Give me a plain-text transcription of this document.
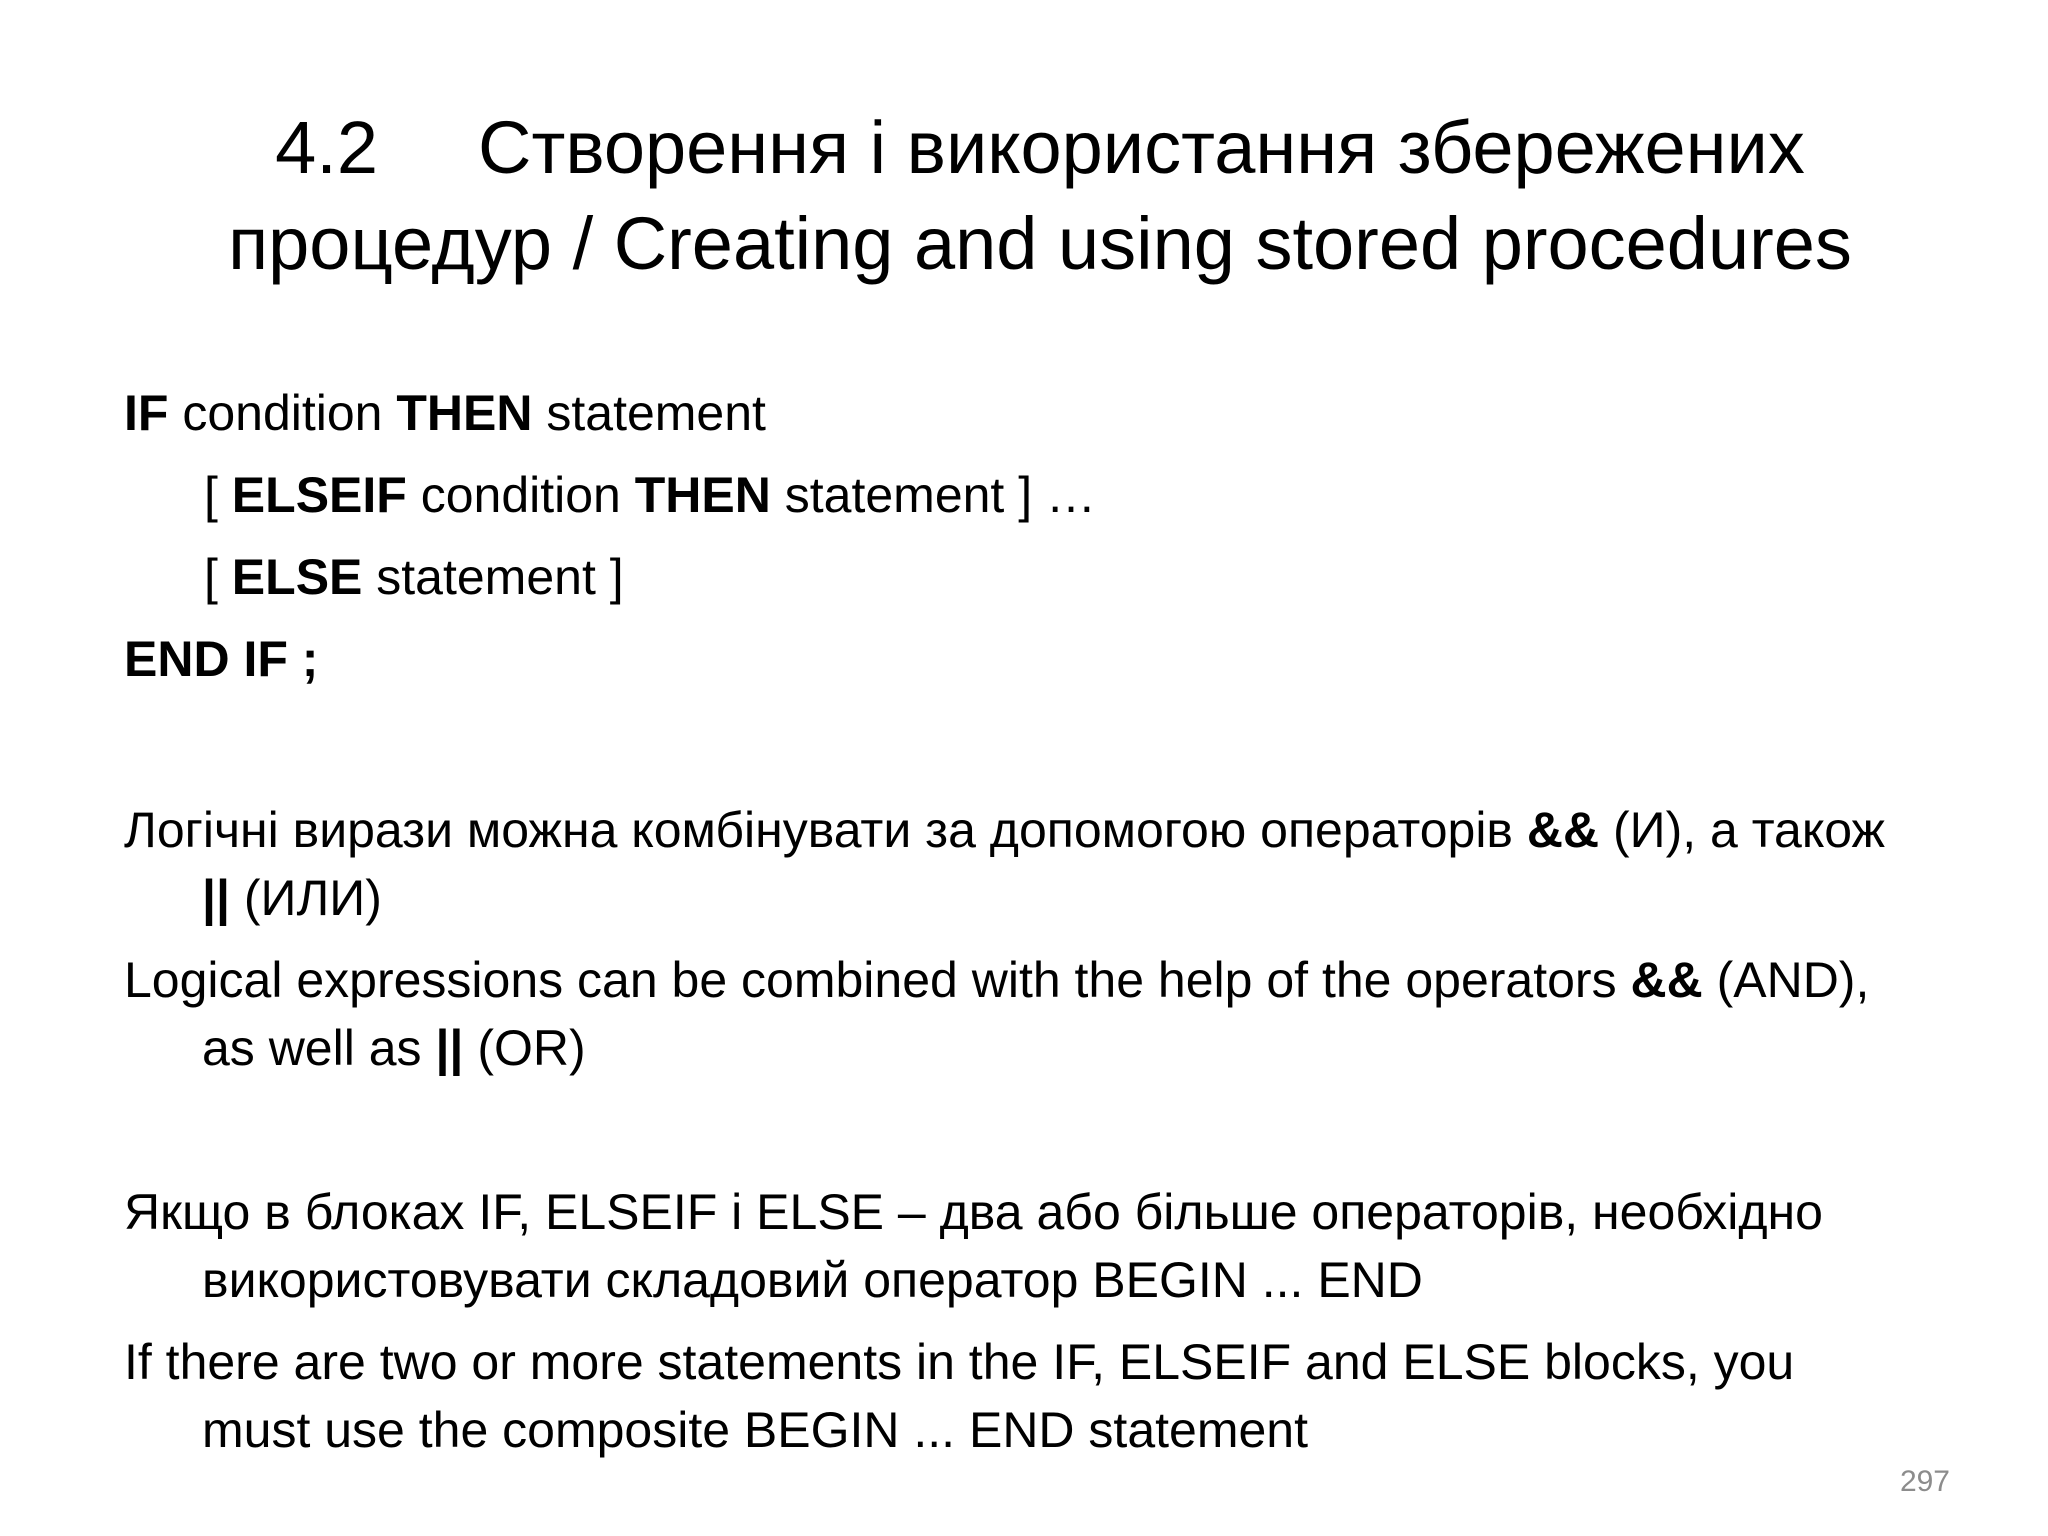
4.2 Створення і використання збережених
процедур / Creating and using stored procedures
IF condition THEN statement
[ ELSEIF condition THEN statement ] …
[ ELSE statement ]
END IF ;

Логічні вирази можна комбінувати за допомогою операторів && (И), а також || (ИЛИ)

Logical expressions can be combined with the help of the operators && (AND), as well as || (OR)

Якщо в блоках IF, ELSEIF і ELSE – два або більше операторів, необхідно використовувати складовий оператор BEGIN ... END

If there are two or more statements in the IF, ELSEIF and ELSE blocks, you must use the composite BEGIN ... END statement

297
